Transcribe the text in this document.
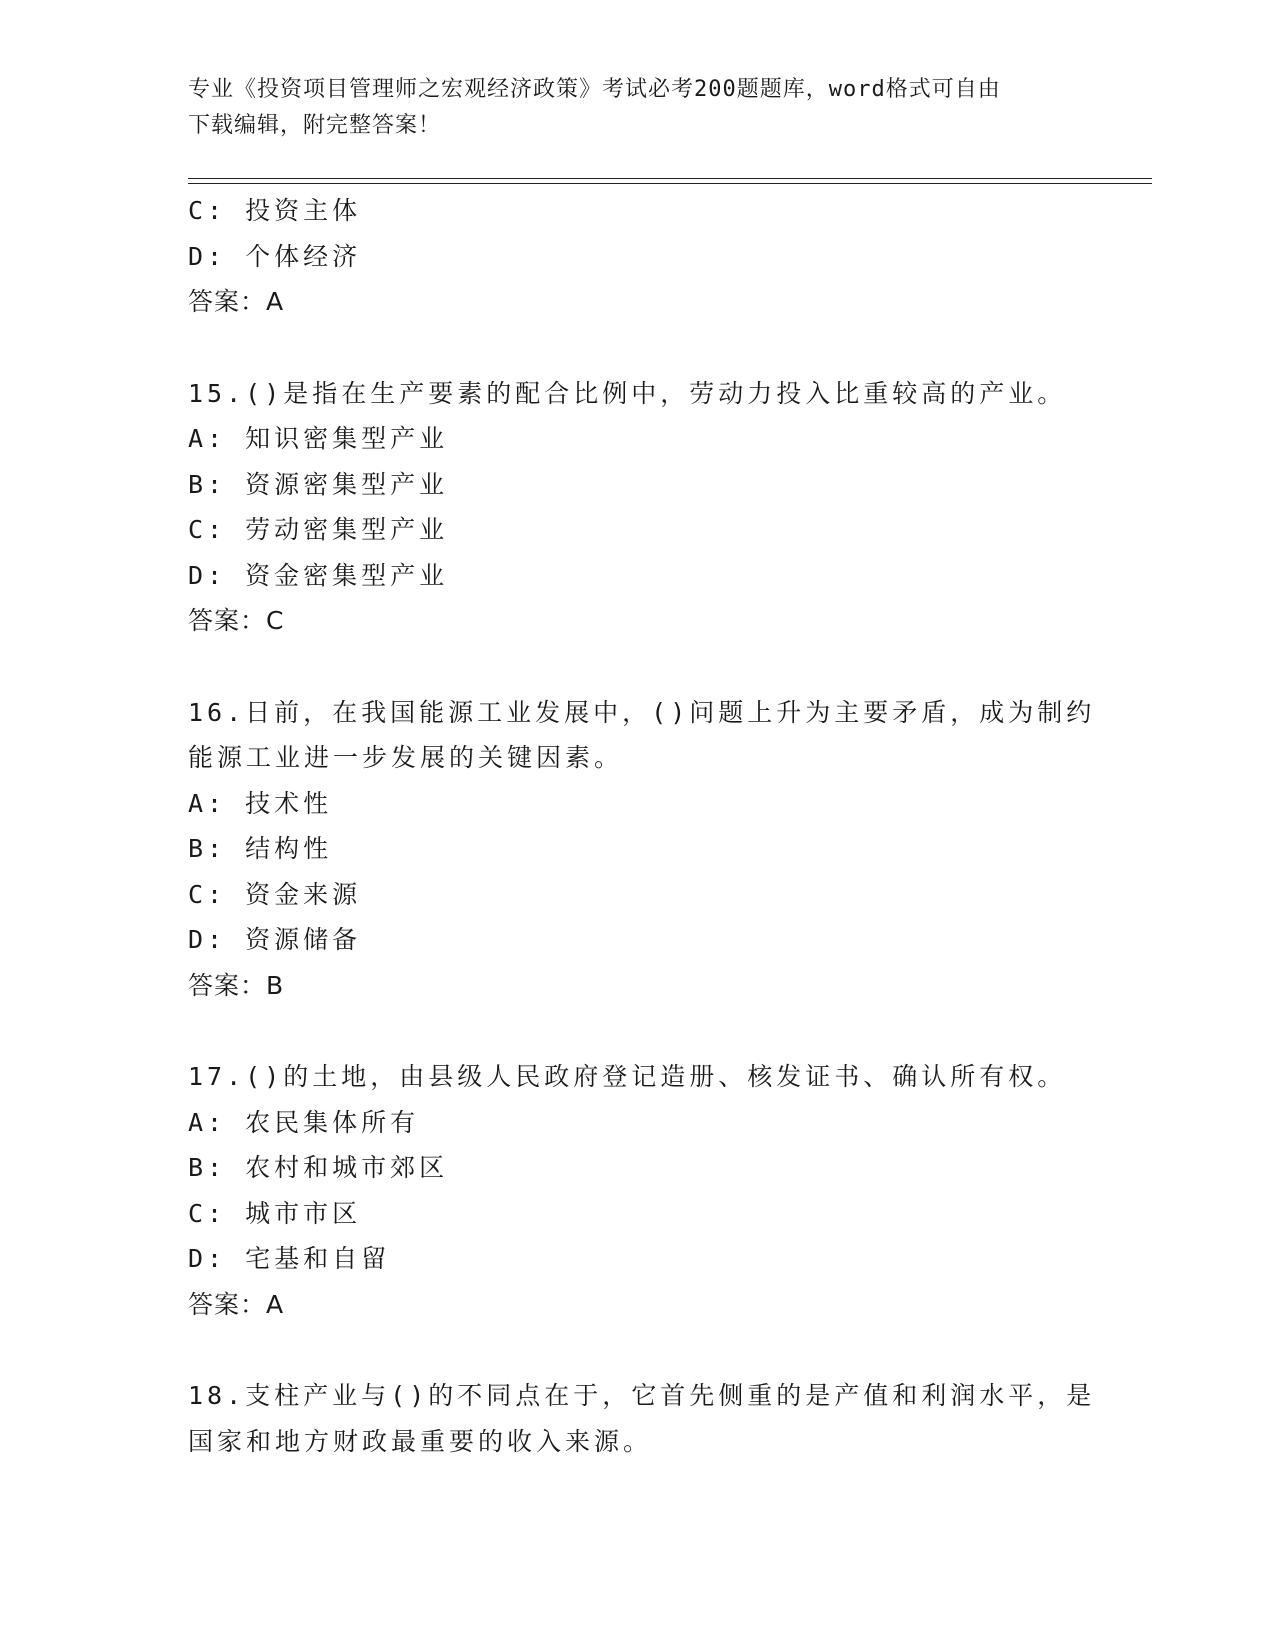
专业《投资项目管理师之宏观经济政策》考试必考200题题库，word格式可自由
下载编辑，附完整答案！
C: 投资主体
D: 个体经济
答案：A
15.()是指在生产要素的配合比例中，劳动力投入比重较高的产业。
A: 知识密集型产业
B: 资源密集型产业
C: 劳动密集型产业
D: 资金密集型产业
答案：C
16.日前，在我国能源工业发展中，()问题上升为主要矛盾，成为制约
能源工业进一步发展的关键因素。
A: 技术性
B: 结构性
C: 资金来源
D: 资源储备
答案：B
17.()的土地，由县级人民政府登记造册、核发证书、确认所有权。
A: 农民集体所有
B: 农村和城市郊区
C: 城市市区
D: 宅基和自留
答案：A
18.支柱产业与()的不同点在于，它首先侧重的是产值和利润水平，是
国家和地方财政最重要的收入来源。
